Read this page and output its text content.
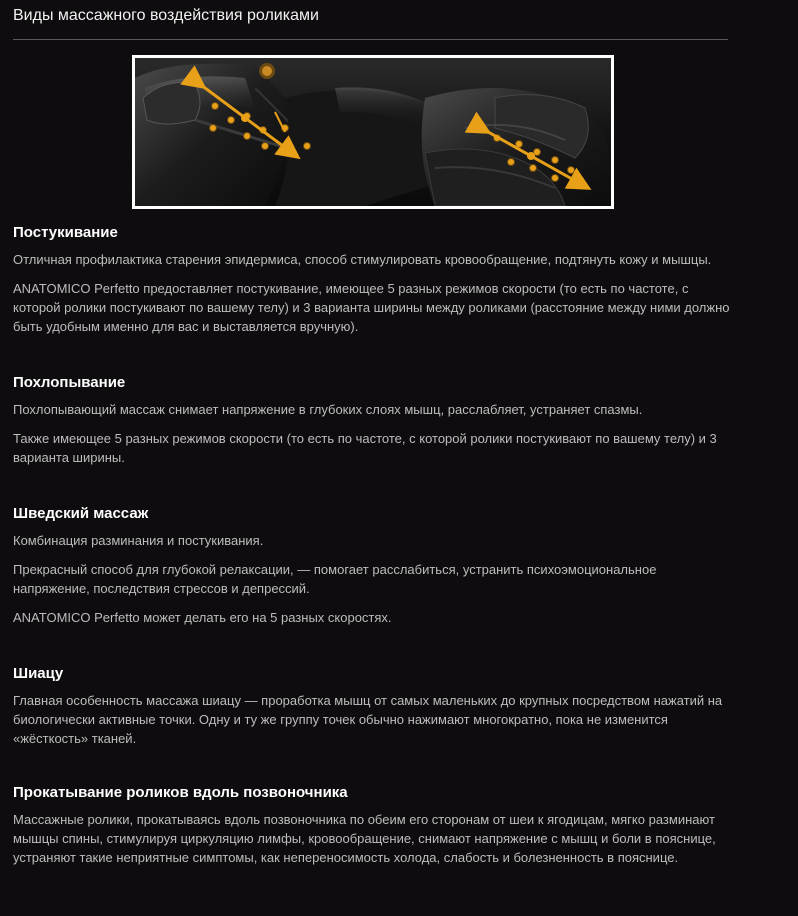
Виды массажного воздействия роликами
Постукивание

Отличная профилактика старения эпидермиса, способ стимулировать кровообращение, подтянуть кожу и мышцы.

ANATOMICO Perfetto предоставляет постукивание, имеющее 5 разных режимов скорости (то есть по частоте, с которой ролики постукивают по вашему телу) и 3 варианта ширины между роликами (расстояние между ними должно быть удобным именно для вас и выставляется вручную).

Похлопывание

Похлопывающий массаж снимает напряжение в глубоких слоях мышц, расслабляет, устраняет спазмы.

Также имеющее 5 разных режимов скорости (то есть по частоте, с которой ролики постукивают по вашему телу) и 3 варианта ширины.

Шведский массаж

Комбинация разминания и постукивания.

Прекрасный способ для глубокой релаксации, — помогает расслабиться, устранить психоэмоциональное напряжение, последствия стрессов и депрессий.

ANATOMICO Perfetto может делать его на 5 разных скоростях.

Шиацу

Главная особенность массажа шиацу — проработка мышц от самых маленьких до крупных посредством нажатий на биологически активные точки. Одну и ту же группу точек обычно нажимают многократно, пока не изменится «жёсткость» тканей.

Прокатывание роликов вдоль позвоночника

Массажные ролики, прокатываясь вдоль позвоночника по обеим его сторонам от шеи к ягодицам, мягко разминают мышцы спины, стимулируя циркуляцию лимфы, кровообращение, снимают напряжение с мышц и боли в пояснице, устраняют такие неприятные симптомы, как непереносимость холода, слабость и болезненность в пояснице.
